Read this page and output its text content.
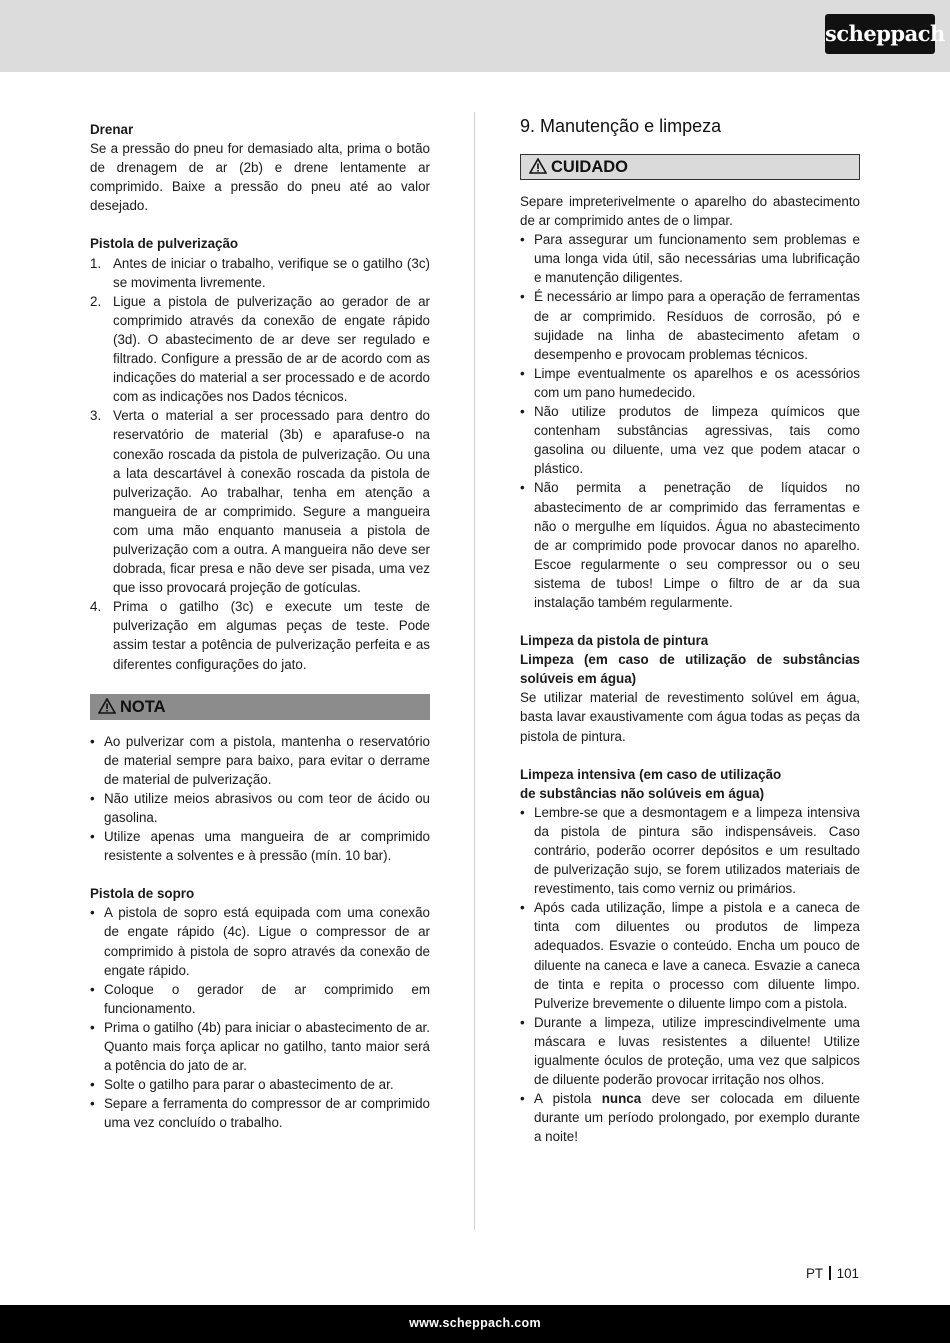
scheppach

Drenar

Se a pressão do pneu for demasiado alta, prima o botão de drenagem de ar (2b) e drene lentamente ar comprimido. Baixe a pressão do pneu até ao valor desejado.

Pistola de pulverização

1. Antes de iniciar o trabalho, verifique se o gatilho (3c) se movimenta livremente.
2. Ligue a pistola de pulverização ao gerador de ar comprimido através da conexão de engate rápido (3d). O abastecimento de ar deve ser regulado e filtrado. Configure a pressão de ar de acordo com as indicações do material a ser processado e de acordo com as indicações nos Dados técnicos.
3. Verta o material a ser processado para dentro do reservatório de material (3b) e aparafuse-o na conexão roscada da pistola de pulverização. Ou una a lata descartável à conexão roscada da pistola de pulverização. Ao trabalhar, tenha em atenção a mangueira de ar comprimido. Segure a mangueira com uma mão enquanto manuseia a pistola de pulverização com a outra. A mangueira não deve ser dobrada, ficar presa e não deve ser pisada, uma vez que isso provocará projeção de gotículas.
4. Prima o gatilho (3c) e execute um teste de pulverização em algumas peças de teste. Pode assim testar a potência de pulverização perfeita e as diferentes configurações do jato.
NOTA
• Ao pulverizar com a pistola, mantenha o reservatório de material sempre para baixo, para evitar o derrame de material de pulverização.
• Não utilize meios abrasivos ou com teor de ácido ou gasolina.
• Utilize apenas uma mangueira de ar comprimido resistente a solventes e à pressão (mín. 10 bar).

Pistola de sopro

• A pistola de sopro está equipada com uma conexão de engate rápido (4c). Ligue o compressor de ar comprimido à pistola de sopro através da conexão de engate rápido.
• Coloque o gerador de ar comprimido em funcionamento.
• Prima o gatilho (4b) para iniciar o abastecimento de ar. Quanto mais força aplicar no gatilho, tanto maior será a potência do jato de ar.
• Solte o gatilho para parar o abastecimento de ar.
• Separe a ferramenta do compressor de ar comprimido uma vez concluído o trabalho.
9. Manutenção e limpeza
CUIDADO

Separe impreterivelmente o aparelho do abastecimento de ar comprimido antes de o limpar.

• Para assegurar um funcionamento sem problemas e uma longa vida útil, são necessárias uma lubrificação e manutenção diligentes.
• É necessário ar limpo para a operação de ferramentas de ar comprimido. Resíduos de corrosão, pó e sujidade na linha de abastecimento afetam o desempenho e provocam problemas técnicos.
• Limpe eventualmente os aparelhos e os acessórios com um pano humedecido.
• Não utilize produtos de limpeza químicos que contenham substâncias agressivas, tais como gasolina ou diluente, uma vez que podem atacar o plástico.
• Não permita a penetração de líquidos no abastecimento de ar comprimido das ferramentas e não o mergulhe em líquidos. Água no abastecimento de ar comprimido pode provocar danos no aparelho. Escoe regularmente o seu compressor ou o seu sistema de tubos! Limpe o filtro de ar da sua instalação também regularmente.

Limpeza da pistola de pintura

Limpeza (em caso de utilização de substâncias solúveis em água)

Se utilizar material de revestimento solúvel em água, basta lavar exaustivamente com água todas as peças da pistola de pintura.

Limpeza intensiva (em caso de utilização

de substâncias não solúveis em água)

• Lembre-se que a desmontagem e a limpeza intensiva da pistola de pintura são indispensáveis. Caso contrário, poderão ocorrer depósitos e um resultado de pulverização sujo, se forem utilizados materiais de revestimento, tais como verniz ou primários.
• Após cada utilização, limpe a pistola e a caneca de tinta com diluentes ou produtos de limpeza adequados. Esvazie o conteúdo. Encha um pouco de diluente na caneca e lave a caneca. Esvazie a caneca de tinta e repita o processo com diluente limpo. Pulverize brevemente o diluente limpo com a pistola.
• Durante a limpeza, utilize imprescindivelmente uma máscara e luvas resistentes a diluente! Utilize igualmente óculos de proteção, uma vez que salpicos de diluente poderão provocar irritação nos olhos.
• A pistola nunca deve ser colocada em diluente durante um período prolongado, por exemplo durante a noite!
PT 101
www.scheppach.com
